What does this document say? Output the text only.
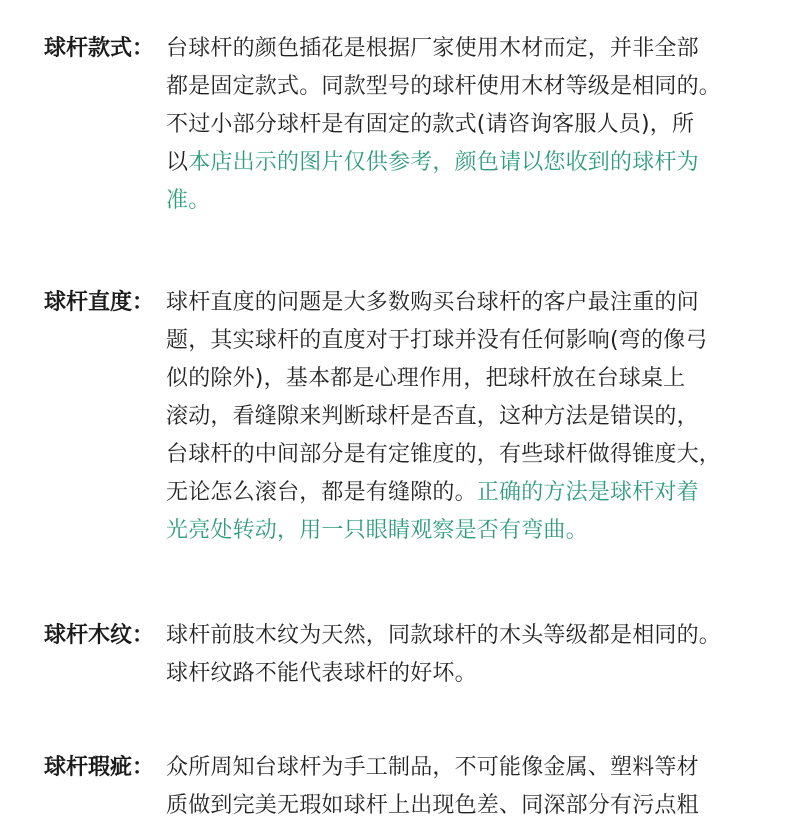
球杆款式： 台球杆的颜色插花是根据厂家使用木材而定，并非全部
都是固定款式。同款型号的球杆使用木材等级是相同的。
不过小部分球杆是有固定的款式(请咨询客服人员)，所
以本店出示的图片仅供参考，颜色请以您收到的球杆为
准。
球杆直度： 球杆直度的问题是大多数购买台球杆的客户最注重的问
题，其实球杆的直度对于打球并没有任何影响(弯的像弓
似的除外)，基本都是心理作用，把球杆放在台球桌上
滚动，看缝隙来判断球杆是否直，这种方法是错误的，
台球杆的中间部分是有定锥度的，有些球杆做得锥度大，
无论怎么滚台，都是有缝隙的。正确的方法是球杆对着
光亮处转动，用一只眼睛观察是否有弯曲。
球杆木纹： 球杆前肢木纹为天然，同款球杆的木头等级都是相同的。
球杆纹路不能代表球杆的好坏。
球杆瑕疵： 众所周知台球杆为手工制品，不可能像金属、塑料等材
质做到完美无瑕如球杆上出现色差、同深部分有污点粗
